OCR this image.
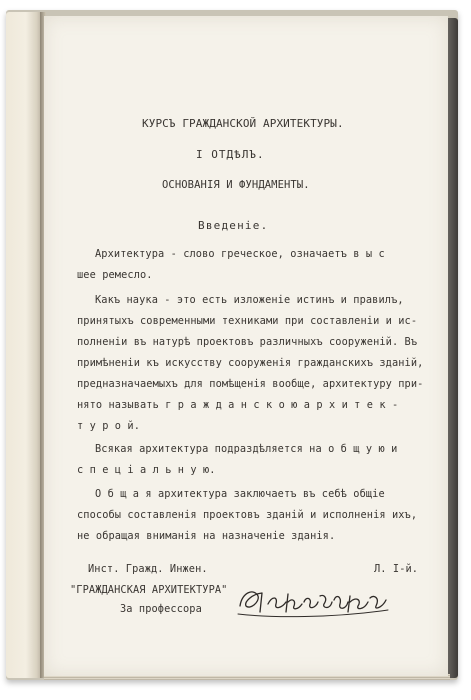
КУРСЪ ГРАЖДАНСКОЙ АРХИТЕКТУРЫ.
I ОТДѢЛЪ.
ОСНОВАНІЯ И ФУНДАМЕНТЫ.
Введеніе.
Архитектура - слово греческое, означаетъ в ы с
шее ремесло.
Какъ наука - это есть изложеніе истинъ и правилъ,
принятыхъ современными техниками при составленіи и ис-
полненіи въ натурѣ проектовъ различныхъ сооруженій. Въ
примѣненіи къ искусству сооруженія гражданскихъ зданій,
предназначаемыхъ для помѣщенія вообще, архитектуру при-
нято называть г р а ж д а н с к о ю а р х и т е к -
т у р о й.
Всякая архитектура подраздѣляется на о б щ у ю и
с п е ц і а л ь н у ю.
О б щ а я архитектура заключаетъ въ себѣ общіе
способы составленія проектовъ зданій и исполненія ихъ,
не обращая вниманія на назначеніе зданія.
Инст. Гражд. Инжен.	Л. I-й.
"ГРАЖДАНСКАЯ АРХИТЕКТУРА"
За профессора
